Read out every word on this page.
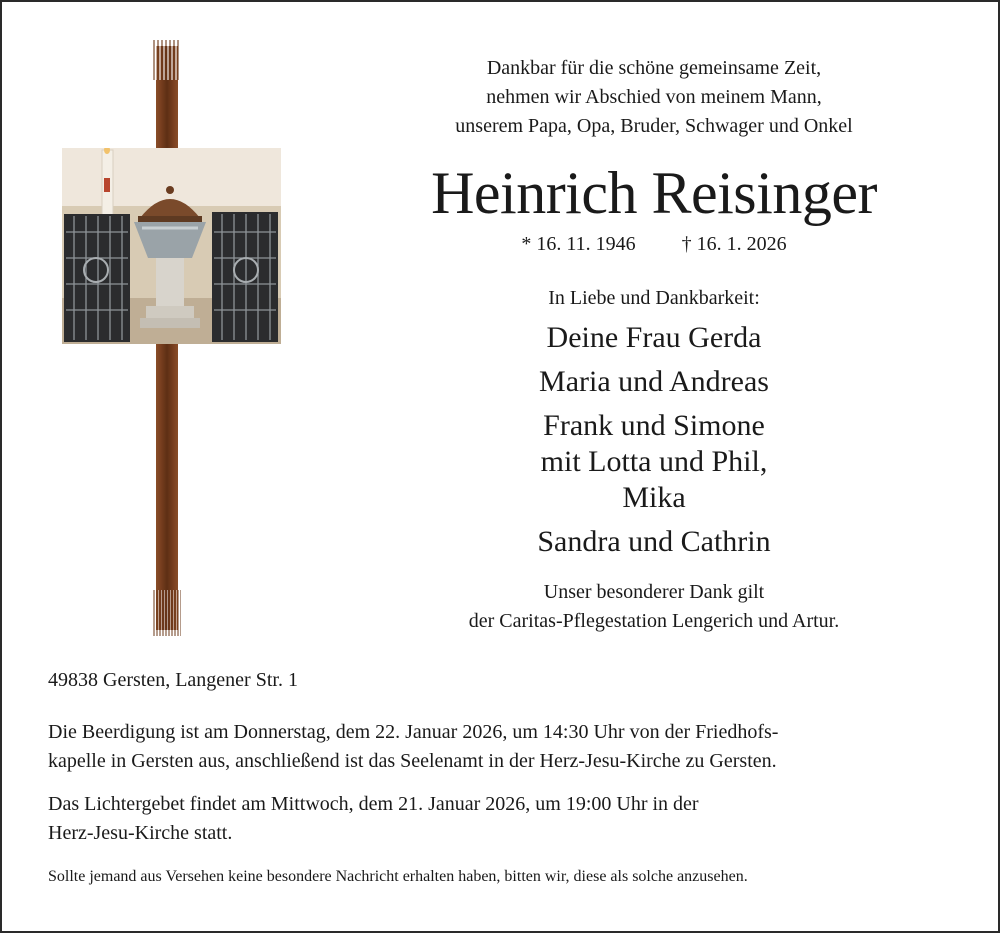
Dankbar für die schöne gemeinsame Zeit,
nehmen wir Abschied von meinem Mann,
unserem Papa, Opa, Bruder, Schwager und Onkel
Heinrich Reisinger
* 16. 11. 1946 † 16. 1. 2026
In Liebe und Dankbarkeit:
Deine Frau Gerda
Maria und Andreas
Frank und Simone
mit Lotta und Phil,
Mika
Sandra und Cathrin
Unser besonderer Dank gilt
der Caritas-Pflegestation Lengerich und Artur.
49838 Gersten, Langener Str. 1
Die Beerdigung ist am Donnerstag, dem 22. Januar 2026, um 14:30 Uhr von der Friedhofs-
kapelle in Gersten aus, anschließend ist das Seelenamt in der Herz-Jesu-Kirche zu Gersten.
Das Lichtergebet findet am Mittwoch, dem 21. Januar 2026, um 19:00 Uhr in der
Herz-Jesu-Kirche statt.
Sollte jemand aus Versehen keine besondere Nachricht erhalten haben, bitten wir, diese als solche anzusehen.
